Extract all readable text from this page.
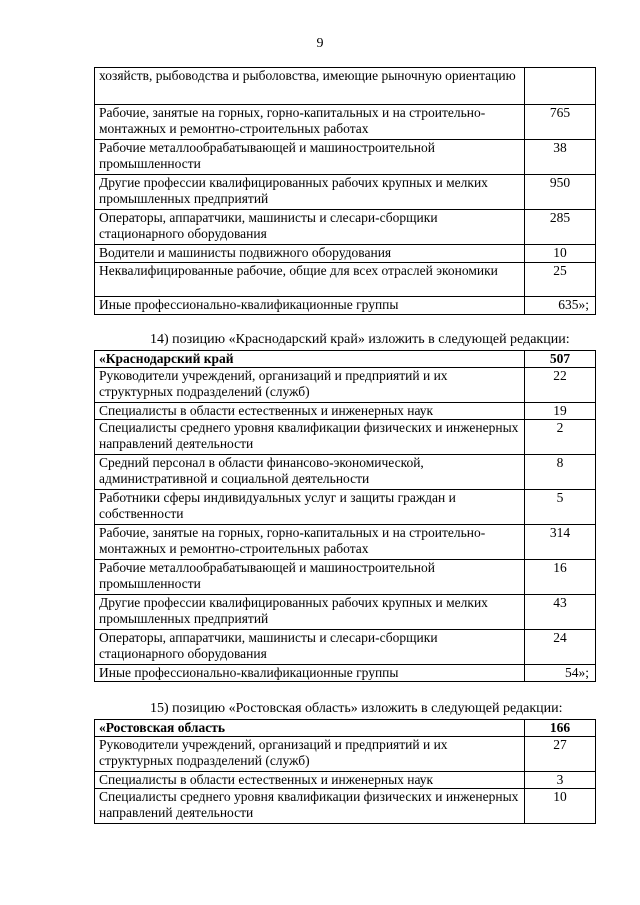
9
хозяйств, рыбоводства и рыболовства, имеющие рыночную ориентацию	
Рабочие, занятые на горных, горно-капитальных и на строительно-монтажных и ремонтно-строительных работах	765
Рабочие металлообрабатывающей и машиностроительной промышленности	38
Другие профессии квалифицированных рабочих крупных и мелких промышленных предприятий	950
Операторы, аппаратчики, машинисты и слесари-сборщики стационарного оборудования	285
Водители и машинисты подвижного оборудования	10
Неквалифицированные рабочие, общие для всех отраслей экономики	25
Иные профессионально-квалификационные группы	635»;
14) позицию «Краснодарский край» изложить в следующей редакции:
«Краснодарский край	507
Руководители учреждений, организаций и предприятий и их структурных подразделений (служб)	22
Специалисты в области естественных и инженерных наук	19
Специалисты среднего уровня квалификации физических и инженерных направлений деятельности	2
Средний персонал в области финансово-экономической, административной и социальной деятельности	8
Работники сферы индивидуальных услуг и защиты граждан и собственности	5
Рабочие, занятые на горных, горно-капитальных и на строительно-монтажных и ремонтно-строительных работах	314
Рабочие металлообрабатывающей и машиностроительной промышленности	16
Другие профессии квалифицированных рабочих крупных и мелких промышленных предприятий	43
Операторы, аппаратчики, машинисты и слесари-сборщики стационарного оборудования	24
Иные профессионально-квалификационные группы	54»;
15) позицию «Ростовская область» изложить в следующей редакции:
«Ростовская область	166
Руководители учреждений, организаций и предприятий и их структурных подразделений (служб)	27
Специалисты в области естественных и инженерных наук	3
Специалисты среднего уровня квалификации физических и инженерных направлений деятельности	10
